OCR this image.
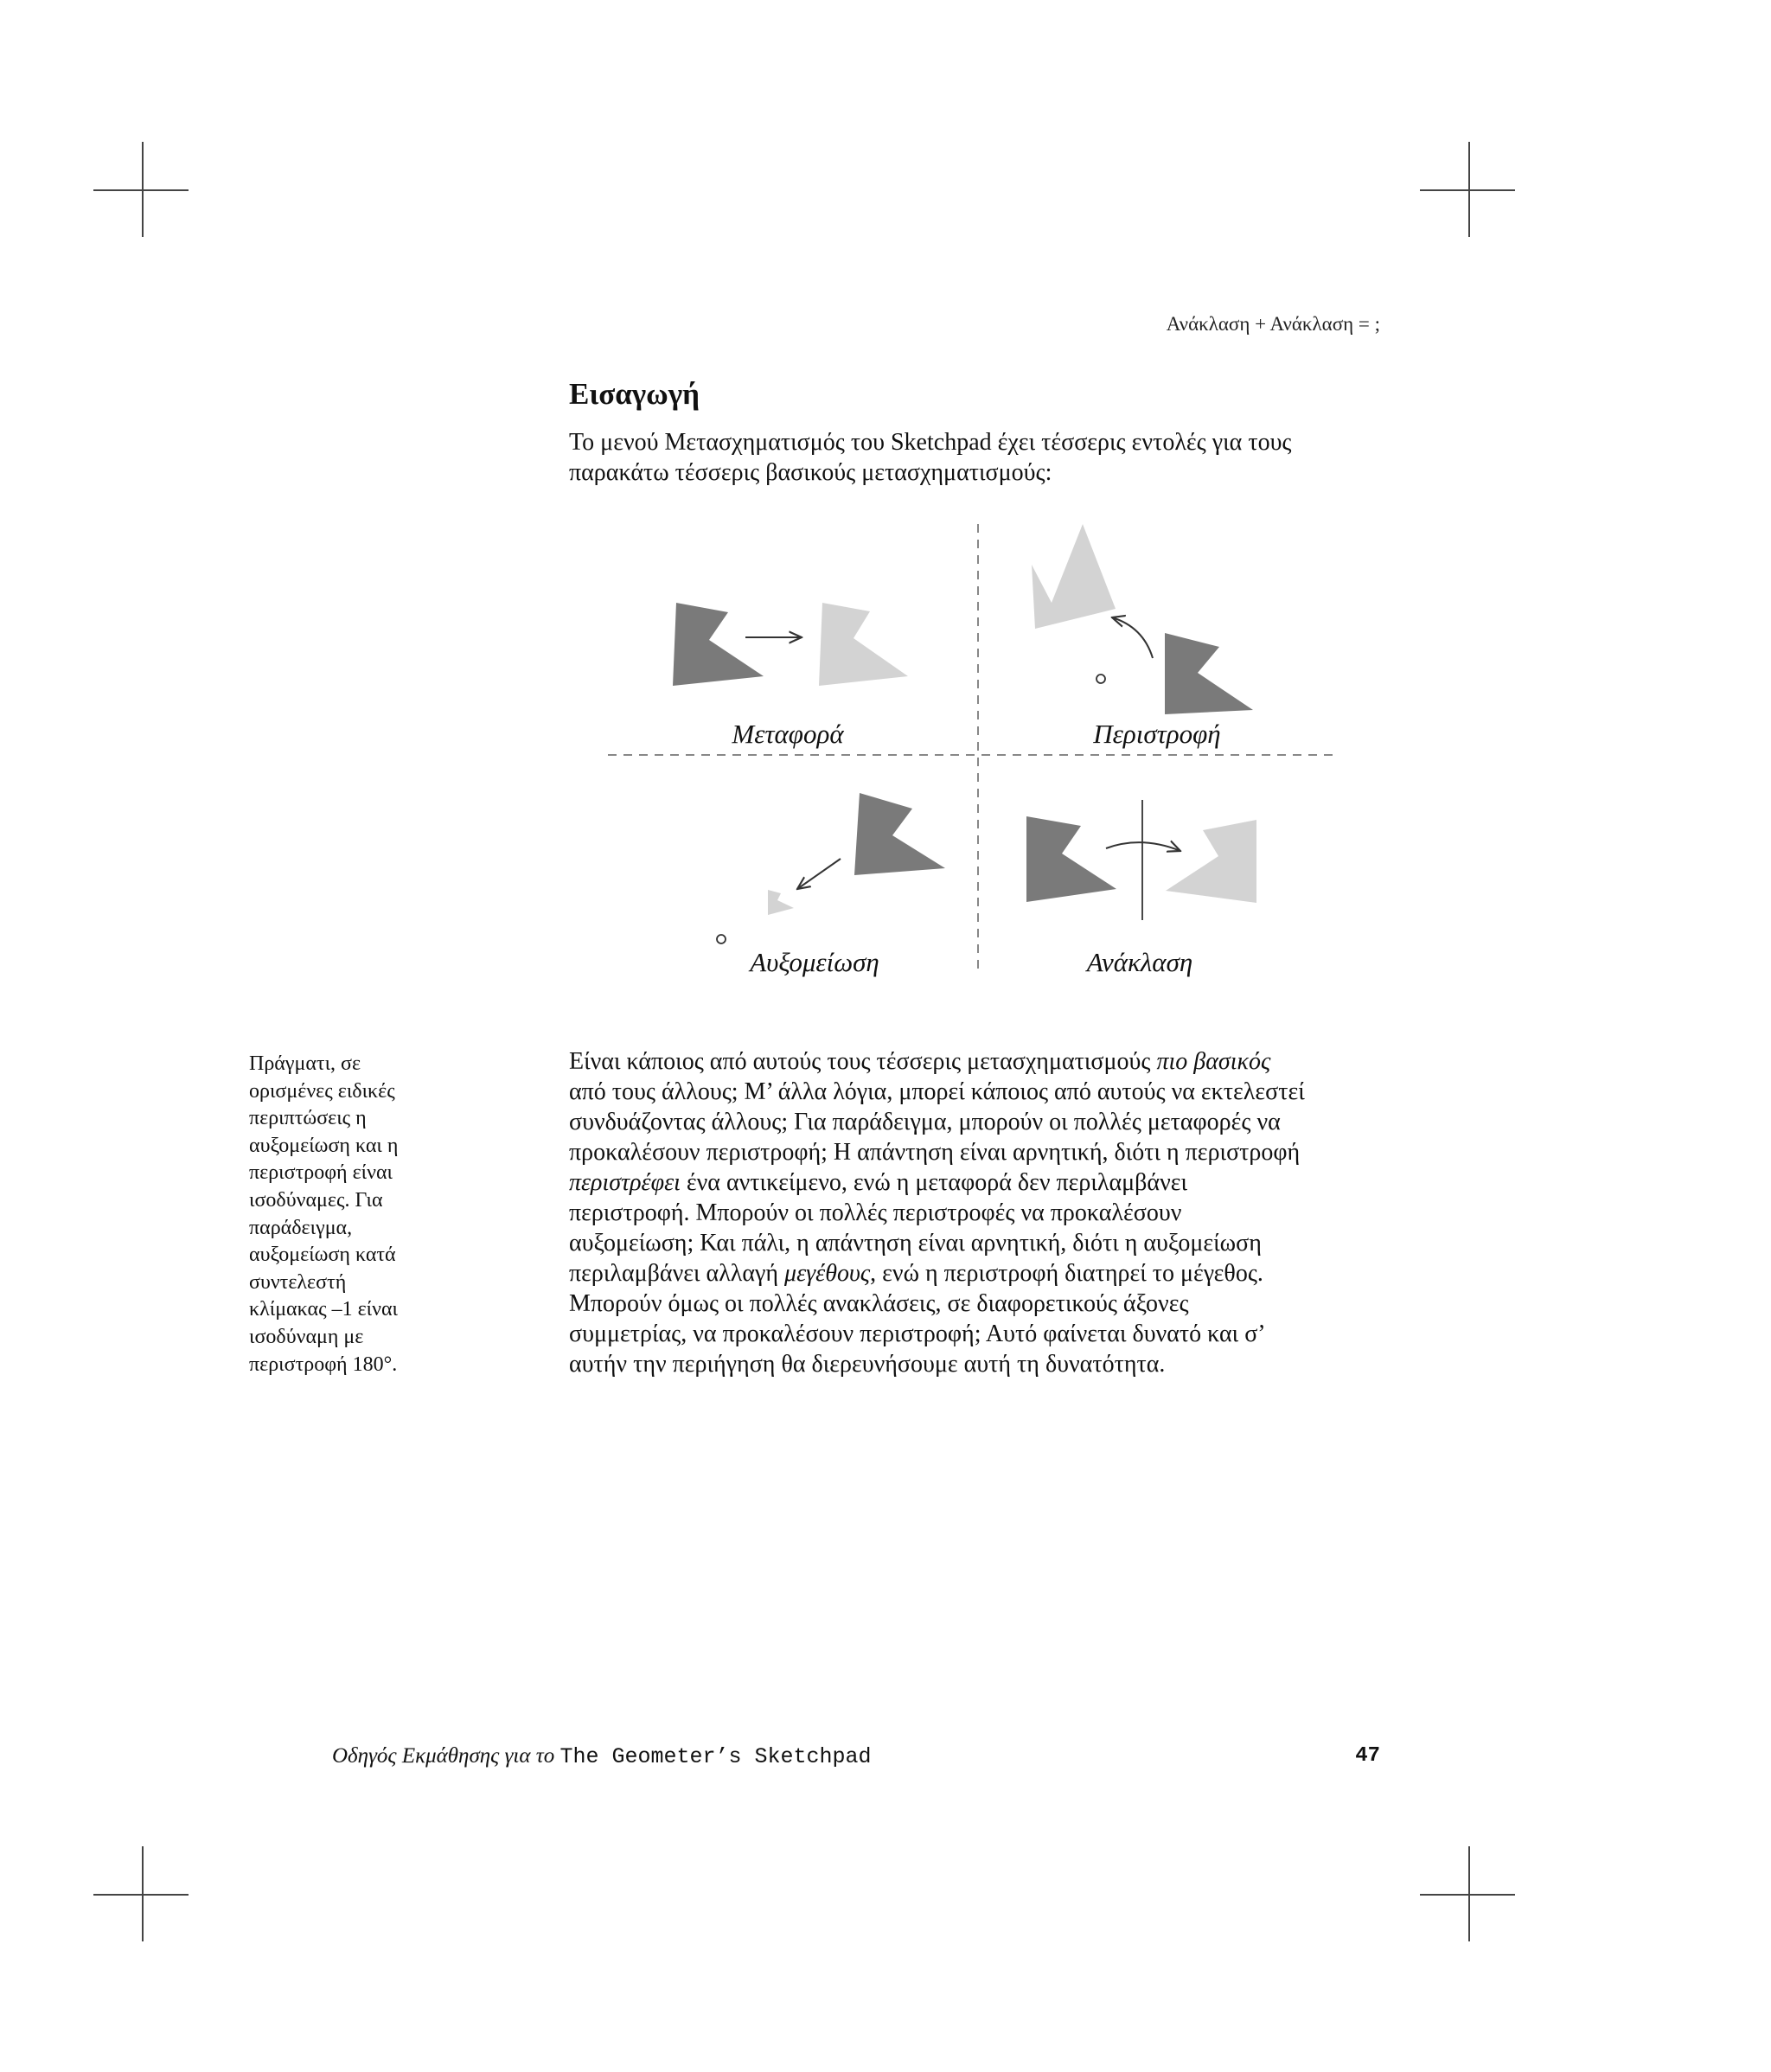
Ανάκλαση + Ανάκλαση = ;
Εισαγωγή

Το μενού Μετασχηματισμός του Sketchpad έχει τέσσερις εντολές για τους
παρακάτω τέσσερις βασικούς μετασχηματισμούς:

Μεταφορά	Περιστροφή
Αυξομείωση	Ανάκλαση

Πράγματι, σε
ορισμένες ειδικές
περιπτώσεις η
αυξομείωση και η
περιστροφή είναι
ισοδύναμες. Για
παράδειγμα,
αυξομείωση κατά
συντελεστή
κλίμακας –1 είναι
ισοδύναμη με
περιστροφή 180°.

Είναι κάποιος από αυτούς τους τέσσερις μετασχηματισμούς πιο βασικός
από τους άλλους; Μ’ άλλα λόγια, μπορεί κάποιος από αυτούς να εκτελεστεί
συνδυάζοντας άλλους; Για παράδειγμα, μπορούν οι πολλές μεταφορές να
προκαλέσουν περιστροφή; Η απάντηση είναι αρνητική, διότι η περιστροφή
περιστρέφει ένα αντικείμενο, ενώ η μεταφορά δεν περιλαμβάνει
περιστροφή. Μπορούν οι πολλές περιστροφές να προκαλέσουν
αυξομείωση; Και πάλι, η απάντηση είναι αρνητική, διότι η αυξομείωση
περιλαμβάνει αλλαγή μεγέθους, ενώ η περιστροφή διατηρεί το μέγεθος.
Μπορούν όμως οι πολλές ανακλάσεις, σε διαφορετικούς άξονες
συμμετρίας, να προκαλέσουν περιστροφή; Αυτό φαίνεται δυνατό και σ’
αυτήν την περιήγηση θα διερευνήσουμε αυτή τη δυνατότητα.

Οδηγός Εκμάθησης για το The Geometer’s Sketchpad	47
